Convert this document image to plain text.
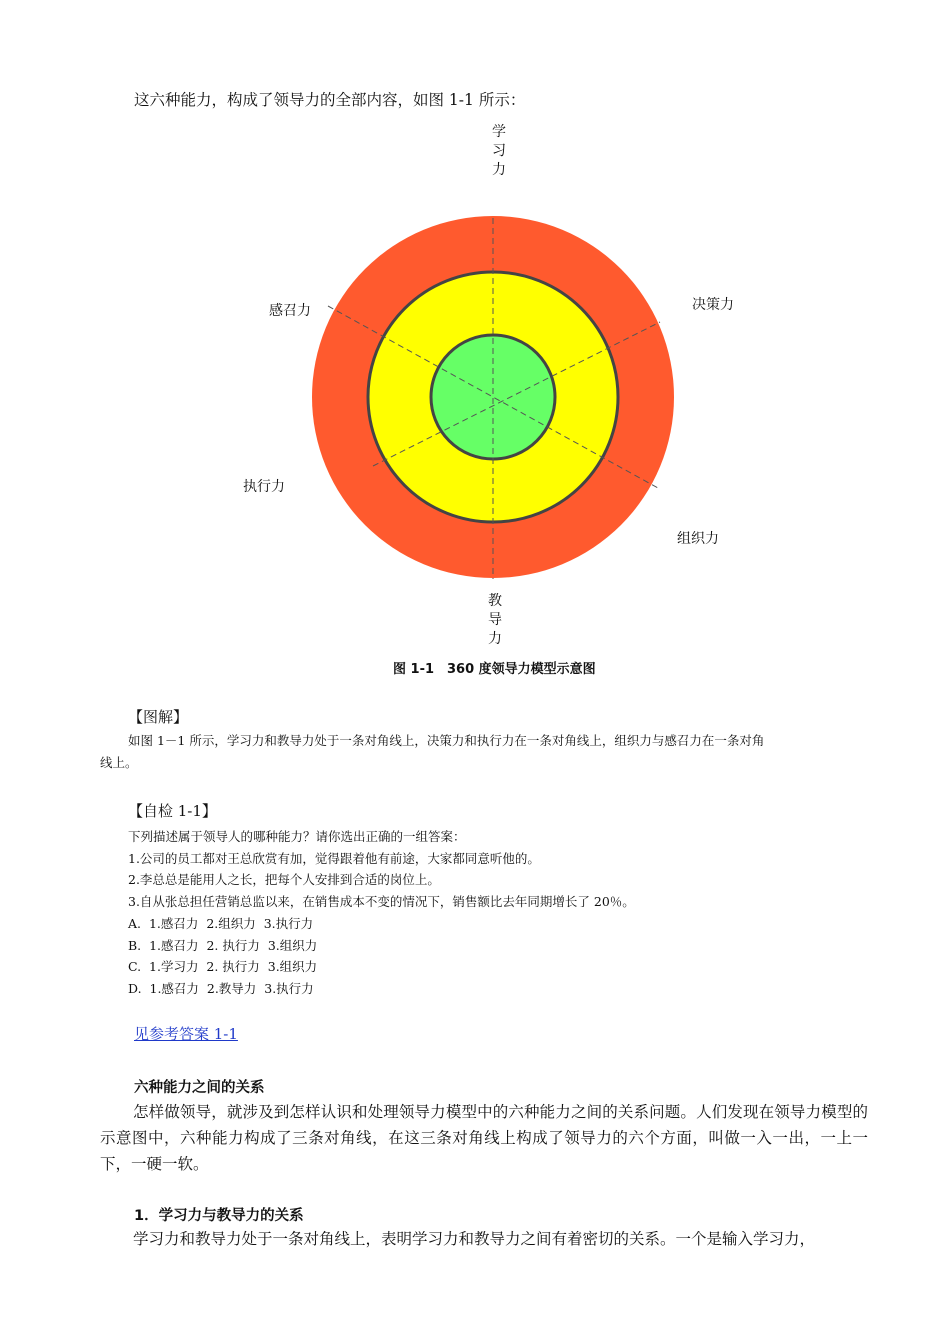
这六种能力，构成了领导力的全部内容，如图 1-1 所示：
学
习
力
教
导
力
感召力	决策力
执行力
组织力
图 1-1　360 度领导力模型示意图
【图解】
如图 1－1 所示，学习力和教导力处于一条对角线上，决策力和执行力在一条对角线上，组织力与感召力在一条对角
线上。
【自检 1-1】
下列描述属于领导人的哪种能力？请你选出正确的一组答案：
1.公司的员工都对王总欣赏有加，觉得跟着他有前途，大家都同意听他的。
2.李总总是能用人之长，把每个人安排到合适的岗位上。
3.自从张总担任营销总监以来，在销售成本不变的情况下，销售额比去年同期增长了 20％。
A.  1.感召力  2.组织力  3.执行力
B.  1.感召力  2. 执行力  3.组织力
C.  1.学习力  2. 执行力  3.组织力
D.  1.感召力  2.教导力  3.执行力
见参考答案 1-1
六种能力之间的关系
怎样做领导，就涉及到怎样认识和处理领导力模型中的六种能力之间的关系问题。人们发现在领导力模型的示意图中，六种能力构成了三条对角线，在这三条对角线上构成了领导力的六个方面，叫做一入一出，一上一下，一硬一软。
1．学习力与教导力的关系
学习力和教导力处于一条对角线上，表明学习力和教导力之间有着密切的关系。一个是输入学习力，
